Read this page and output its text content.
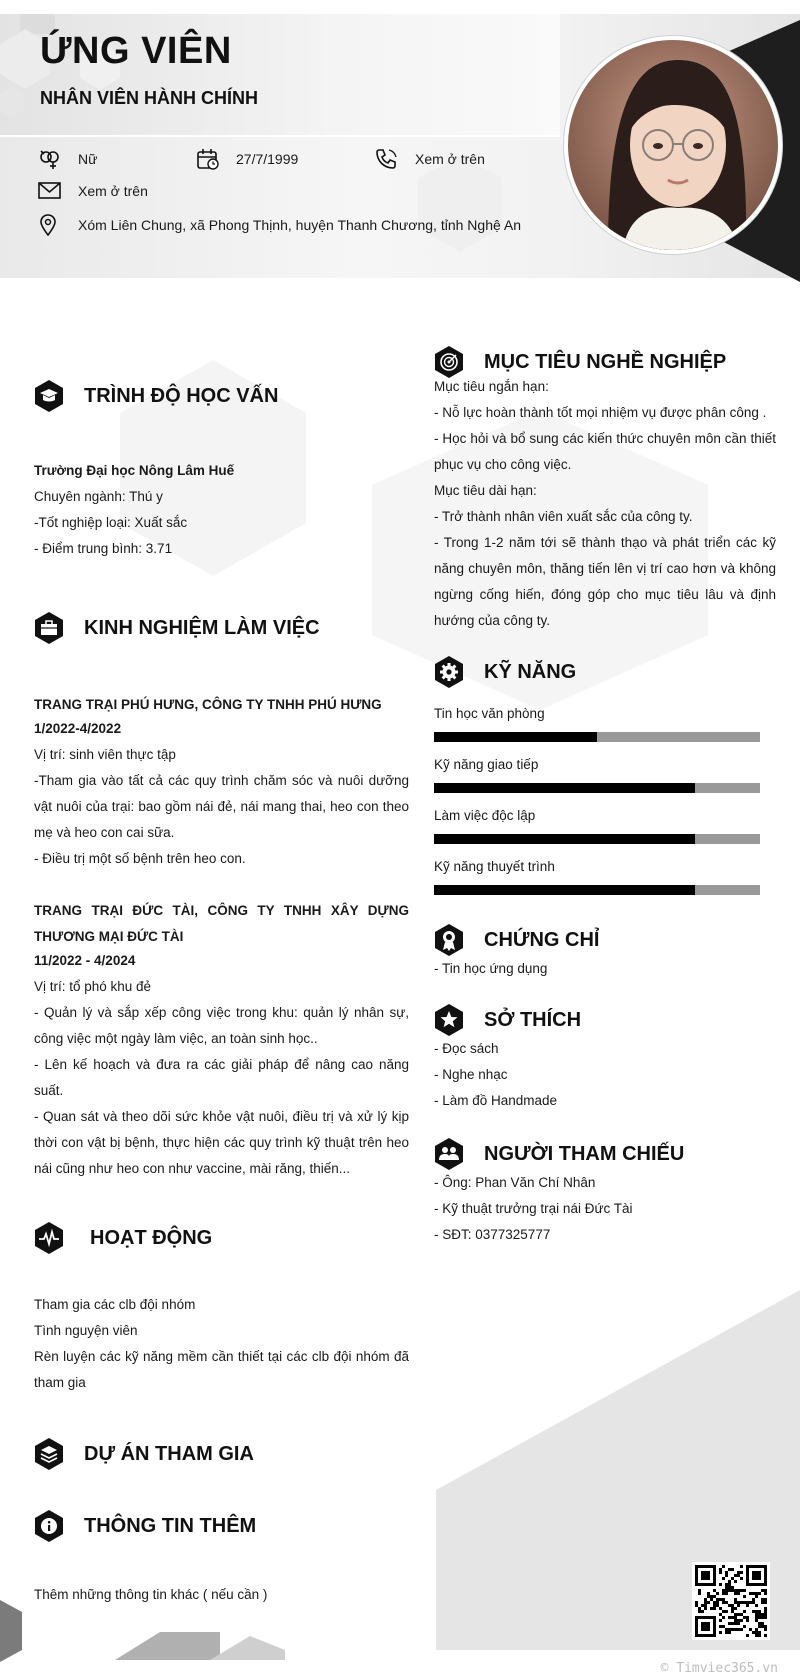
ỨNG VIÊN
NHÂN VIÊN HÀNH CHÍNH
Nữ	27/7/1999	Xem ở trên
Xem ở trên
Xóm Liên Chung, xã Phong Thịnh, huyện Thanh Chương, tỉnh Nghệ An
TRÌNH ĐỘ HỌC VẤN
Trường Đại học Nông Lâm Huế
Chuyên ngành: Thú y
-Tốt nghiệp loại: Xuất sắc
- Điểm trung bình: 3.71
KINH NGHIỆM LÀM VIỆC
TRANG TRẠI PHÚ HƯNG, CÔNG TY TNHH PHÚ HƯNG
1/2022-4/2022
Vị trí: sinh viên thực tập
-Tham gia vào tất cả các quy trình chăm sóc và nuôi dưỡng vật nuôi của trại: bao gồm nái đẻ, nái mang thai, heo con theo mẹ và heo con cai sữa.
- Điều trị một số bệnh trên heo con.
TRANG TRẠI ĐỨC TÀI, CÔNG TY TNHH XÂY DỰNG THƯƠNG MẠI ĐỨC TÀI
11/2022 - 4/2024
Vị trí: tổ phó khu đẻ
- Quản lý và sắp xếp công việc trong khu: quản lý nhân sự, công việc một ngày làm việc, an toàn sinh học..
- Lên kế hoạch và đưa ra các giải pháp để nâng cao năng suất.
- Quan sát và theo dõi sức khỏe vật nuôi, điều trị và xử lý kịp thời con vật bị bệnh, thực hiện các quy trình kỹ thuật trên heo nái cũng như heo con như vaccine, mài răng, thiến...
HOẠT ĐỘNG
Tham gia các clb đội nhóm
Tình nguyện viên
Rèn luyện các kỹ năng mềm cần thiết tại các clb đội nhóm đã tham gia
DỰ ÁN THAM GIA
THÔNG TIN THÊM
Thêm những thông tin khác ( nếu cần )
MỤC TIÊU NGHỀ NGHIỆP
Mục tiêu ngắn hạn:
- Nỗ lực hoàn thành tốt mọi nhiệm vụ được phân công .
- Học hỏi và bổ sung các kiến thức chuyên môn cần thiết phục vụ cho công việc.
Mục tiêu dài hạn:
- Trở thành nhân viên xuất sắc của công ty.
- Trong 1-2 năm tới sẽ thành thạo và phát triển các kỹ năng chuyên môn, thăng tiến lên vị trí cao hơn và không ngừng cống hiến, đóng góp cho mục tiêu lâu và định hướng của công ty.
KỸ NĂNG
Tin học văn phòng
Kỹ năng giao tiếp
Làm việc độc lập
Kỹ năng thuyết trình
CHỨNG CHỈ
- Tin học ứng dụng
SỞ THÍCH
- Đọc sách
- Nghe nhạc
- Làm đồ Handmade
NGƯỜI THAM CHIẾU
- Ông: Phan Văn Chí Nhân
- Kỹ thuật trưởng trại nái Đức Tài
- SĐT: 0377325777
© Timviec365.vn
